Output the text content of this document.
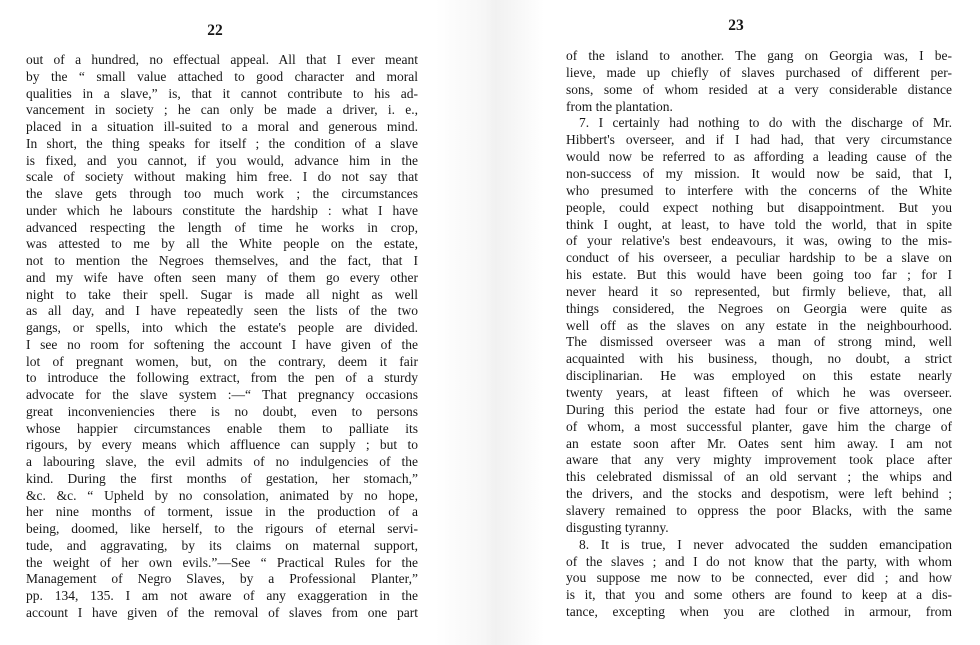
22
out of a hundred, no effectual appeal. All that I ever meant
by the “ small value attached to good character and moral
qualities in a slave,” is, that it cannot contribute to his ad-
vancement in society ; he can only be made a driver, i. e.,
placed in a situation ill-suited to a moral and generous mind.
In short, the thing speaks for itself ; the condition of a slave
is fixed, and you cannot, if you would, advance him in the
scale of society without making him free. I do not say that
the slave gets through too much work ; the circumstances
under which he labours constitute the hardship : what I have
advanced respecting the length of time he works in crop,
was attested to me by all the White people on the estate,
not to mention the Negroes themselves, and the fact, that I
and my wife have often seen many of them go every other
night to take their spell. Sugar is made all night as well
as all day, and I have repeatedly seen the lists of the two
gangs, or spells, into which the estate's people are divided.
I see no room for softening the account I have given of the
lot of pregnant women, but, on the contrary, deem it fair
to introduce the following extract, from the pen of a sturdy
advocate for the slave system :—“ That pregnancy occasions
great inconveniencies there is no doubt, even to persons
whose happier circumstances enable them to palliate its
rigours, by every means which affluence can supply ; but to
a labouring slave, the evil admits of no indulgencies of the
kind. During the first months of gestation, her stomach,”
&c. &c. “ Upheld by no consolation, animated by no hope,
her nine months of torment, issue in the production of a
being, doomed, like herself, to the rigours of eternal servi-
tude, and aggravating, by its claims on maternal support,
the weight of her own evils.”—See “ Practical Rules for the
Management of Negro Slaves, by a Professional Planter,”
pp. 134, 135. I am not aware of any exaggeration in the
account I have given of the removal of slaves from one part
23
of the island to another. The gang on Georgia was, I be-
lieve, made up chiefly of slaves purchased of different per-
sons, some of whom resided at a very considerable distance
from the plantation.
7. I certainly had nothing to do with the discharge of Mr.
Hibbert's overseer, and if I had had, that very circumstance
would now be referred to as affording a leading cause of the
non-success of my mission. It would now be said, that I,
who presumed to interfere with the concerns of the White
people, could expect nothing but disappointment. But you
think I ought, at least, to have told the world, that in spite
of your relative's best endeavours, it was, owing to the mis-
conduct of his overseer, a peculiar hardship to be a slave on
his estate. But this would have been going too far ; for I
never heard it so represented, but firmly believe, that, all
things considered, the Negroes on Georgia were quite as
well off as the slaves on any estate in the neighbourhood.
The dismissed overseer was a man of strong mind, well
acquainted with his business, though, no doubt, a strict
disciplinarian. He was employed on this estate nearly
twenty years, at least fifteen of which he was overseer.
During this period the estate had four or five attorneys, one
of whom, a most successful planter, gave him the charge of
an estate soon after Mr. Oates sent him away. I am not
aware that any very mighty improvement took place after
this celebrated dismissal of an old servant ; the whips and
the drivers, and the stocks and despotism, were left behind ;
slavery remained to oppress the poor Blacks, with the same
disgusting tyranny.
8. It is true, I never advocated the sudden emancipation
of the slaves ; and I do not know that the party, with whom
you suppose me now to be connected, ever did ; and how
is it, that you and some others are found to keep at a dis-
tance, excepting when you are clothed in armour, from
